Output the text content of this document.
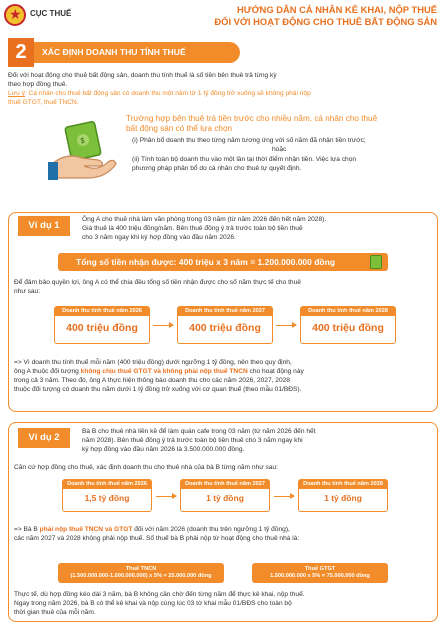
★
CỤC THUẾ	HƯỚNG DẪN CÁ NHÂN KÊ KHAI, NỘP THUẾ
ĐỐI VỚI HOẠT ĐỘNG CHO THUÊ BẤT ĐỘNG SẢN
2	XÁC ĐỊNH DOANH THU TÍNH THUẾ
Đối với hoạt động cho thuê bất động sản, doanh thu tính thuế là số tiền bên thuê trả từng kỳ
theo hợp đồng thuê.
Lưu ý: Cá nhân cho thuê bất động sản có doanh thu một năm từ 1 tỷ đồng trở xuống sẽ không phải nộp
thuế GTGT, thuế TNCN.
$
Trường hợp bên thuê trả tiền trước cho nhiều năm, cá nhân cho thuê
bất động sản có thể lựa chọn
(i) Phân bổ doanh thu theo từng năm tương ứng với số năm đã nhận tiền trước;
hoặc
(ii) Tính toàn bộ doanh thu vào một lần tại thời điểm nhận tiền. Việc lựa chọn
phương pháp phân bổ do cá nhân cho thuê tự quyết định.
Ví dụ 1
Ông A cho thuê nhà làm văn phòng trong 03 năm (từ năm 2026 đến hết năm 2028).
Giá thuê là 400 triệu đồng/năm. Bên thuê đồng ý trả trước toàn bộ tiền thuê
cho 3 năm ngay khi ký hợp đồng vào đầu năm 2026.
Tổng số tiền nhận được: 400 triệu x 3 năm = 1.200.000.000 đồng
Để đảm bảo quyền lợi, ông A có thể chia đều tổng số tiền nhận được cho số năm thực tế cho thuê
như sau:
Doanh thu tính thuế năm 2026
400 triệu đồng
Doanh thu tính thuế năm 2027
400 triệu đồng
Doanh thu tính thuế năm 2028
400 triệu đồng
=> Vì doanh thu tính thuế mỗi năm (400 triệu đồng) dưới ngưỡng 1 tỷ đồng, nên theo quy định,
ông A thuộc đối tượng không chịu thuế GTGT và không phải nộp thuế TNCN cho hoạt động này
trong cả 3 năm. Theo đó, ông A thực hiện thông báo doanh thu cho các năm 2026, 2027, 2028
thuộc đối tượng có doanh thu năm dưới 1 tỷ đồng trở xuống với cơ quan thuế (theo mẫu 01/BĐS).
Ví dụ 2
Bà B cho thuê nhà liền kề để làm quán cafe trong 03 năm (từ năm 2026 đến hết
năm 2028). Bên thuê đồng ý trả trước toàn bộ tiền thuê cho 3 năm ngay khi
ký hợp đồng vào đầu năm 2026 là 3.500.000.000 đồng.
Căn cứ hợp đồng cho thuê, xác định doanh thu cho thuê nhà của bà B từng năm như sau:
Doanh thu tính thuế năm 2026
1,5 tỷ đồng
Doanh thu tính thuế năm 2027
1 tỷ đồng
Doanh thu tính thuế năm 2028
1 tỷ đồng
=> Bà B phải nộp thuế TNCN và GTGT đối với năm 2026 (doanh thu trên ngưỡng 1 tỷ đồng),
các năm 2027 và 2028 không phải nộp thuế. Số thuế bà B phải nộp từ hoạt động cho thuê nhà là:
Thuế TNCN
(1.500.000.000-1.000.000.000) x 5% = 25.000.000 đồng
Thuế GTGT
1.500.000.000 x 5% = 75.000.000 đồng
Thực tế, dù hợp đồng kéo dài 3 năm, bà B không cần chờ đến từng năm để thực kê khai, nộp thuế.
Ngay trong năm 2026, bà B có thể kê khai và nộp cùng lúc 03 tờ khai mẫu 01/BĐS cho toàn bộ
thời gian thuê của mỗi năm.
